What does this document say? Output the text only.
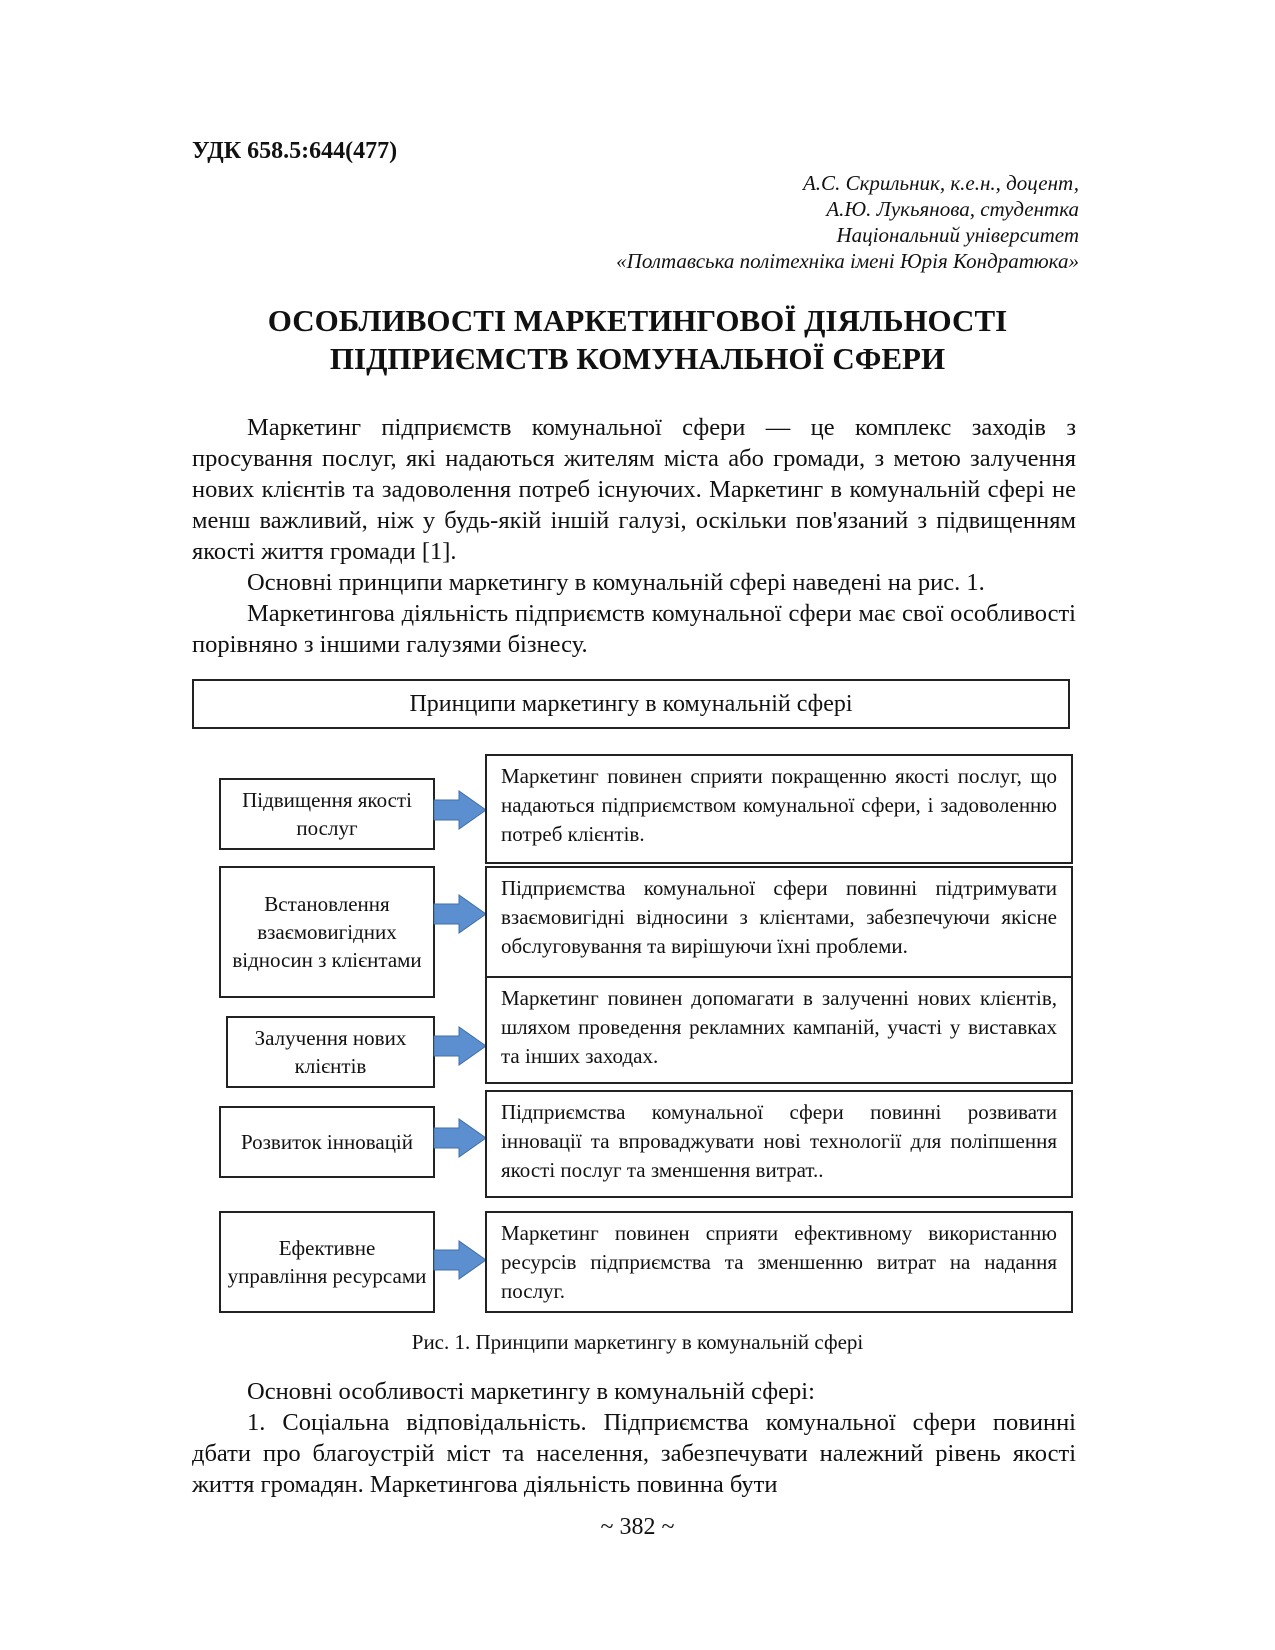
УДК 658.5:644(477)
А.С. Скрильник, к.е.н., доцент,
А.Ю. Лукьянова, студентка
Національний університет
«Полтавська політехніка імені Юрія Кондратюка»
ОСОБЛИВОСТІ МАРКЕТИНГОВОЇ ДІЯЛЬНОСТІ
ПІДПРИЄМСТВ КОМУНАЛЬНОЇ СФЕРИ

Маркетинг підприємств комунальної сфери — це комплекс заходів з просування послуг, які надаються жителям міста або громади, з метою залучення нових клієнтів та задоволення потреб існуючих. Маркетинг в комунальній сфері не менш важливий, ніж у будь-якій іншій галузі, оскільки пов'язаний з підвищенням якості життя громади [1].

Основні принципи маркетингу в комунальній сфері наведені на рис. 1.

Маркетингова діяльність підприємств комунальної сфери має свої особливості порівняно з іншими галузями бізнесу.

Принципи маркетингу в комунальній сфері
Підвищення якості послуг
Маркетинг повинен сприяти покращенню якості послуг, що надаються підприємством комунальної сфери, і задоволенню потреб клієнтів.
Встановлення взаємовигідних відносин з клієнтами
Підприємства комунальної сфери повинні підтримувати взаємовигідні відносини з клієнтами, забезпечуючи якісне обслуговування та вирішуючи їхні проблеми.
Залучення нових клієнтів
Маркетинг повинен допомагати в залученні нових клієнтів, шляхом проведення рекламних кампаній, участі у виставках та інших заходах.
Розвиток інновацій
Підприємства комунальної сфери повинні розвивати інновації та впроваджувати нові технології для поліпшення якості послуг та зменшення витрат..
Ефективне управління ресурсами
Маркетинг повинен сприяти ефективному використанню ресурсів підприємства та зменшенню витрат на надання послуг.
Рис. 1. Принципи маркетингу в комунальній сфері

Основні особливості маркетингу в комунальній сфері:

1. Соціальна відповідальність. Підприємства комунальної сфери повинні дбати про благоустрій міст та населення, забезпечувати належний рівень якості життя громадян. Маркетингова діяльність повинна бути

~ 382 ~
